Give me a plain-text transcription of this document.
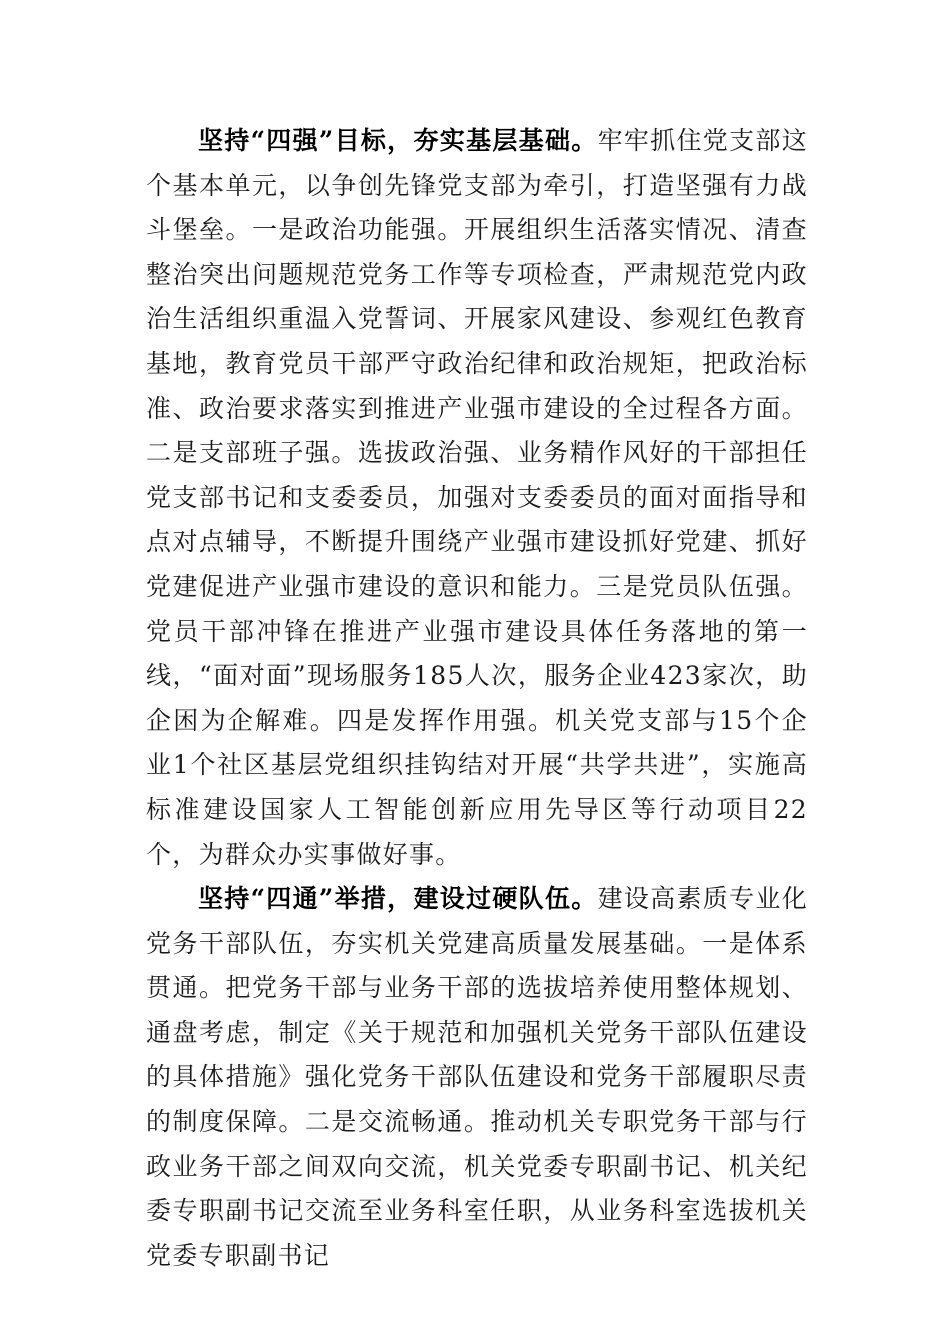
坚持“四强”目标，夯实基层基础。牢牢抓住党支部这个基本单元，以争创先锋党支部为牵引，打造坚强有力战斗堡垒。一是政治功能强。开展组织生活落实情况、清查整治突出问题规范党务工作等专项检查，严肃规范党内政治生活组织重温入党誓词、开展家风建设、参观红色教育基地，教育党员干部严守政治纪律和政治规矩，把政治标准、政治要求落实到推进产业强市建设的全过程各方面。二是支部班子强。选拔政治强、业务精作风好的干部担任党支部书记和支委委员，加强对支委委员的面对面指导和点对点辅导，不断提升围绕产业强市建设抓好党建、抓好党建促进产业强市建设的意识和能力。三是党员队伍强。党员干部冲锋在推进产业强市建设具体任务落地的第一线，“面对面”现场服务185人次，服务企业423家次，助企困为企解难。四是发挥作用强。机关党支部与15个企业1个社区基层党组织挂钩结对开展“共学共进”，实施高标准建设国家人工智能创新应用先导区等行动项目22个，为群众办实事做好事。

坚持“四通”举措，建设过硬队伍。建设高素质专业化党务干部队伍，夯实机关党建高质量发展基础。一是体系贯通。把党务干部与业务干部的选拔培养使用整体规划、通盘考虑，制定《关于规范和加强机关党务干部队伍建设的具体措施》强化党务干部队伍建设和党务干部履职尽责的制度保障。二是交流畅通。推动机关专职党务干部与行政业务干部之间双向交流，机关党委专职副书记、机关纪委专职副书记交流至业务科室任职，从业务科室选拔机关党委专职副书记
